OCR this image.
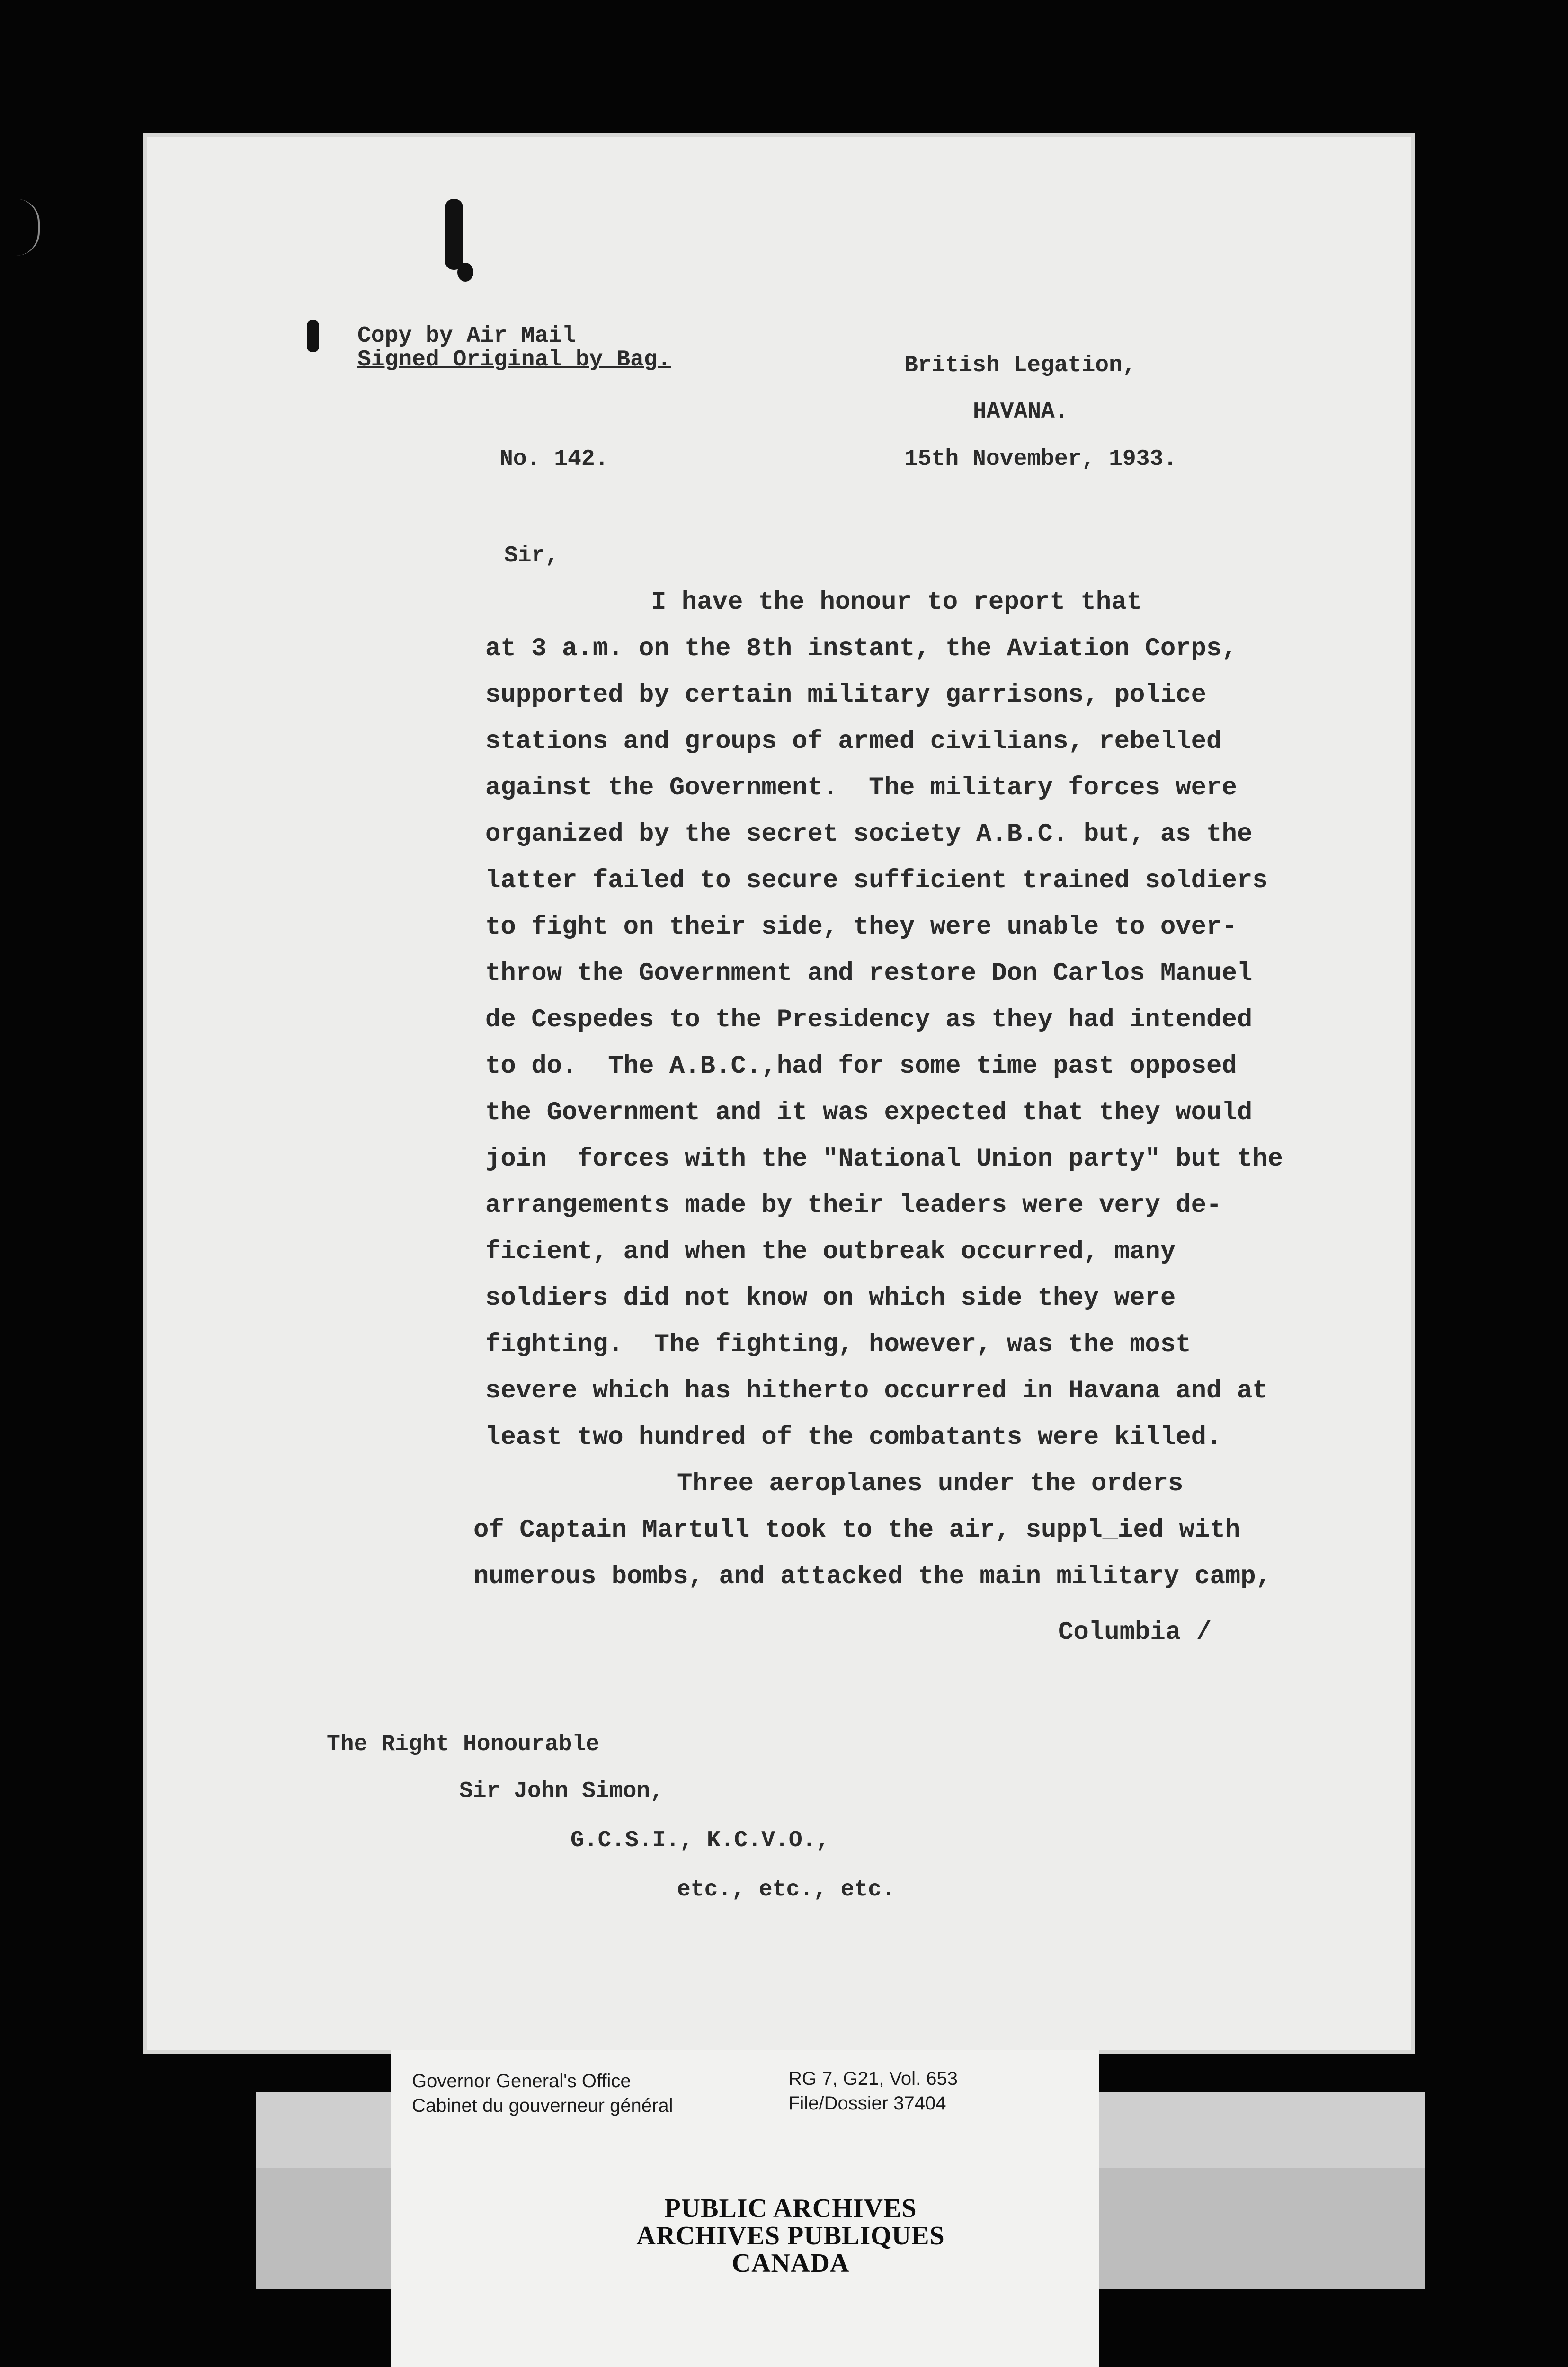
Copy by Air Mail
Signed Original by Bag.	British Legation,
HAVANA.
No. 142.	15th November, 1933.
Sir,
I have the honour to report that
at 3 a.m. on the 8th instant, the Aviation Corps,
supported by certain military garrisons, police
stations and groups of armed civilians, rebelled
against the Government.  The military forces were
organized by the secret society A.B.C. but, as the
latter failed to secure sufficient trained soldiers
to fight on their side, they were unable to over-
throw the Government and restore Don Carlos Manuel
de Cespedes to the Presidency as they had intended
to do.  The A.B.C.,had for some time past opposed
the Government and it was expected that they would
join  forces with the "National Union party" but the
arrangements made by their leaders were very de-
ficient, and when the outbreak occurred, many
soldiers did not know on which side they were
fighting.  The fighting, however, was the most
severe which has hitherto occurred in Havana and at
least two hundred of the combatants were killed.
Three aeroplanes under the orders
of Captain Martull took to the air, suppl_ied with
numerous bombs, and attacked the main military camp,
Columbia /
The Right Honourable
Sir John Simon,
G.C.S.I., K.C.V.O.,
etc., etc., etc.
Governor General's Office
Cabinet du gouverneur général
RG 7, G21, Vol. 653
File/Dossier 37404
PUBLIC ARCHIVES
ARCHIVES PUBLIQUES
CANADA
